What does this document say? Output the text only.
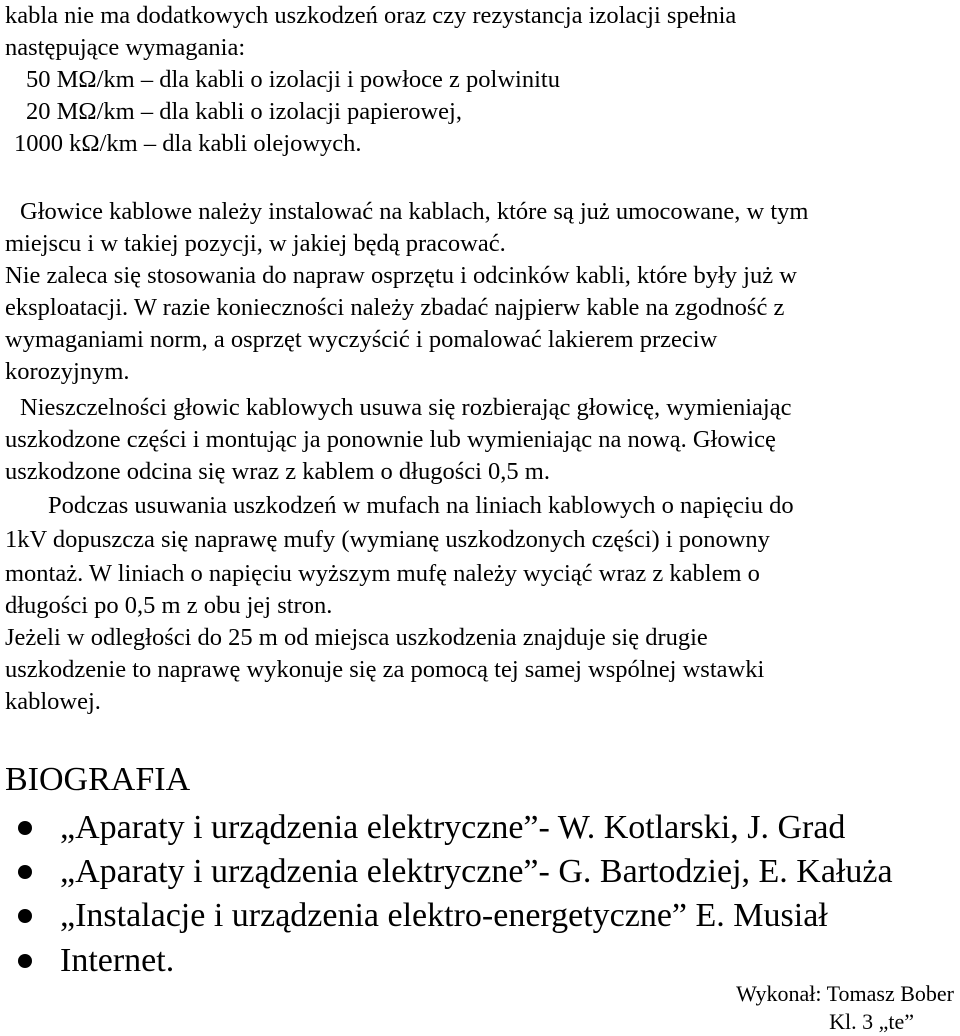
kabla nie ma dodatkowych uszkodzeń oraz czy rezystancja izolacji spełnia
następujące wymagania:
50 MΩ/km – dla kabli o izolacji i powłoce z polwinitu
20 MΩ/km – dla kabli o izolacji papierowej,
1000 kΩ/km – dla kabli olejowych.
Głowice kablowe należy instalować na kablach, które są już umocowane, w tym
miejscu i w takiej pozycji, w jakiej będą pracować.
Nie zaleca się stosowania do napraw osprzętu i odcinków kabli, które były już w
eksploatacji. W razie konieczności należy zbadać najpierw kable na zgodność z
wymaganiami norm, a osprzęt wyczyścić i pomalować lakierem przeciw
korozyjnym.
Nieszczelności głowic kablowych usuwa się rozbierając głowicę, wymieniając
uszkodzone części i montując ja ponownie lub wymieniając na nową. Głowicę
uszkodzone odcina się wraz z kablem o długości 0,5 m.
Podczas usuwania uszkodzeń w mufach na liniach kablowych o napięciu do
1kV dopuszcza się naprawę mufy (wymianę uszkodzonych części) i ponowny
montaż. W liniach o napięciu wyższym mufę należy wyciąć wraz z kablem o
długości po 0,5 m z obu jej stron.
Jeżeli w odległości do 25 m od miejsca uszkodzenia znajduje się drugie
uszkodzenie to naprawę wykonuje się za pomocą tej samej wspólnej wstawki
kablowej.
BIOGRAFIA
„Aparaty i urządzenia elektryczne”- W. Kotlarski, J. Grad
„Aparaty i urządzenia elektryczne”- G. Bartodziej, E. Kałuża
„Instalacje i urządzenia elektro-energetyczne” E. Musiał
Internet.
Wykonał: Tomasz Bober
Kl. 3 „te”
